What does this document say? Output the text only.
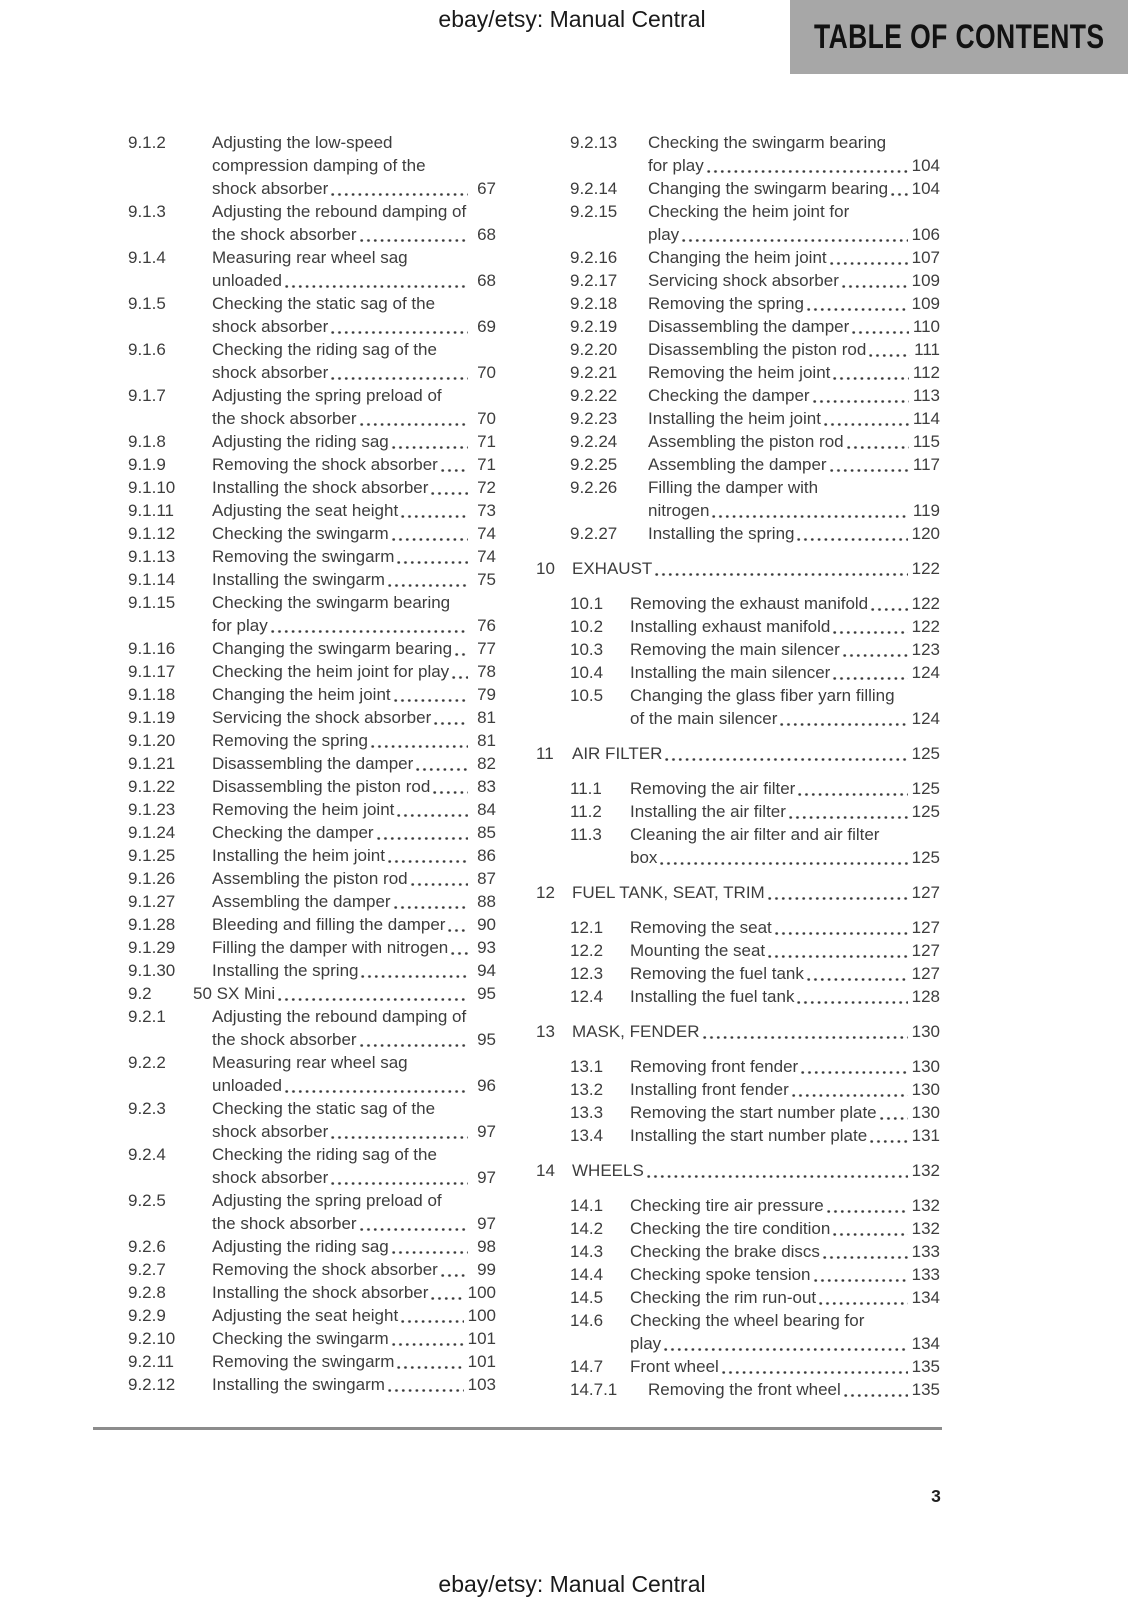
ebay/etsy: Manual Central	TABLE OF CONTENTS
9.1.2	Adjusting the low-speed
compression damping of the
shock absorber	67
9.1.3	Adjusting the rebound damping of
the shock absorber	68
9.1.4	Measuring rear wheel sag
unloaded	68
9.1.5	Checking the static sag of the
shock absorber	69
9.1.6	Checking the riding sag of the
shock absorber	70
9.1.7	Adjusting the spring preload of
the shock absorber	70
9.1.8	Adjusting the riding sag	71
9.1.9	Removing the shock absorber 71
9.1.10	Installing the shock absorber	72
9.1.11	Adjusting the seat height	73
9.1.12	Checking the swingarm	74
9.1.13	Removing the swingarm	74
9.1.14	Installing the swingarm	75
9.1.15	Checking the swingarm bearing
for play	76
9.1.16	Changing the swingarm bearing 77
9.1.17	Checking the heim joint for play 78
9.1.18	Changing the heim joint	79
9.1.19	Servicing the shock absorber	81
9.1.20	Removing the spring	81
9.1.21	Disassembling the damper	82
9.1.22	Disassembling the piston rod	83
9.1.23	Removing the heim joint	84
9.1.24	Checking the damper	85
9.1.25	Installing the heim joint	86
9.1.26	Assembling the piston rod	87
9.1.27	Assembling the damper	88
9.1.28	Bleeding and filling the damper 90
9.1.29	Filling the damper with nitrogen 93
9.1.30	Installing the spring	94
9.2	50 SX Mini	95
9.2.1	Adjusting the rebound damping of
the shock absorber	95
9.2.2	Measuring rear wheel sag
unloaded	96
9.2.3	Checking the static sag of the
shock absorber	97
9.2.4	Checking the riding sag of the
shock absorber	97
9.2.5	Adjusting the spring preload of
the shock absorber	97
9.2.6	Adjusting the riding sag	98
9.2.7	Removing the shock absorber 99
9.2.8	Installing the shock absorber 100
9.2.9	Adjusting the seat height	100
9.2.10	Checking the swingarm	101
9.2.11	Removing the swingarm	101
9.2.12	Installing the swingarm	103
9.2.13	Checking the swingarm bearing
for play	104
9.2.14	Changing the swingarm bearing 104
9.2.15	Checking the heim joint for
play	106
9.2.16	Changing the heim joint	107
9.2.17	Servicing shock absorber	109
9.2.18	Removing the spring	109
9.2.19	Disassembling the damper	110
9.2.20	Disassembling the piston rod	111
9.2.21	Removing the heim joint	112
9.2.22	Checking the damper	113
9.2.23	Installing the heim joint	114
9.2.24	Assembling the piston rod	115
9.2.25	Assembling the damper	117
9.2.26	Filling the damper with
nitrogen	119
9.2.27	Installing the spring	120
10	EXHAUST	122
10.1	Removing the exhaust manifold	122
10.2	Installing exhaust manifold	122
10.3	Removing the main silencer	123
10.4	Installing the main silencer	124
10.5	Changing the glass fiber yarn filling
of the main silencer	124
11	AIR FILTER	125
11.1	Removing the air filter	125
11.2	Installing the air filter	125
11.3	Cleaning the air filter and air filter
box	125
12	FUEL TANK, SEAT, TRIM	127
12.1	Removing the seat	127
12.2	Mounting the seat	127
12.3	Removing the fuel tank	127
12.4	Installing the fuel tank	128
13	MASK, FENDER	130
13.1	Removing front fender	130
13.2	Installing front fender	130
13.3	Removing the start number plate 130
13.4	Installing the start number plate	131
14	WHEELS	132
14.1	Checking tire air pressure	132
14.2	Checking the tire condition	132
14.3	Checking the brake discs	133
14.4	Checking spoke tension	133
14.5	Checking the rim run-out	134
14.6	Checking the wheel bearing for
play	134
14.7	Front wheel	135
14.7.1	Removing the front wheel	135
3
ebay/etsy: Manual Central
